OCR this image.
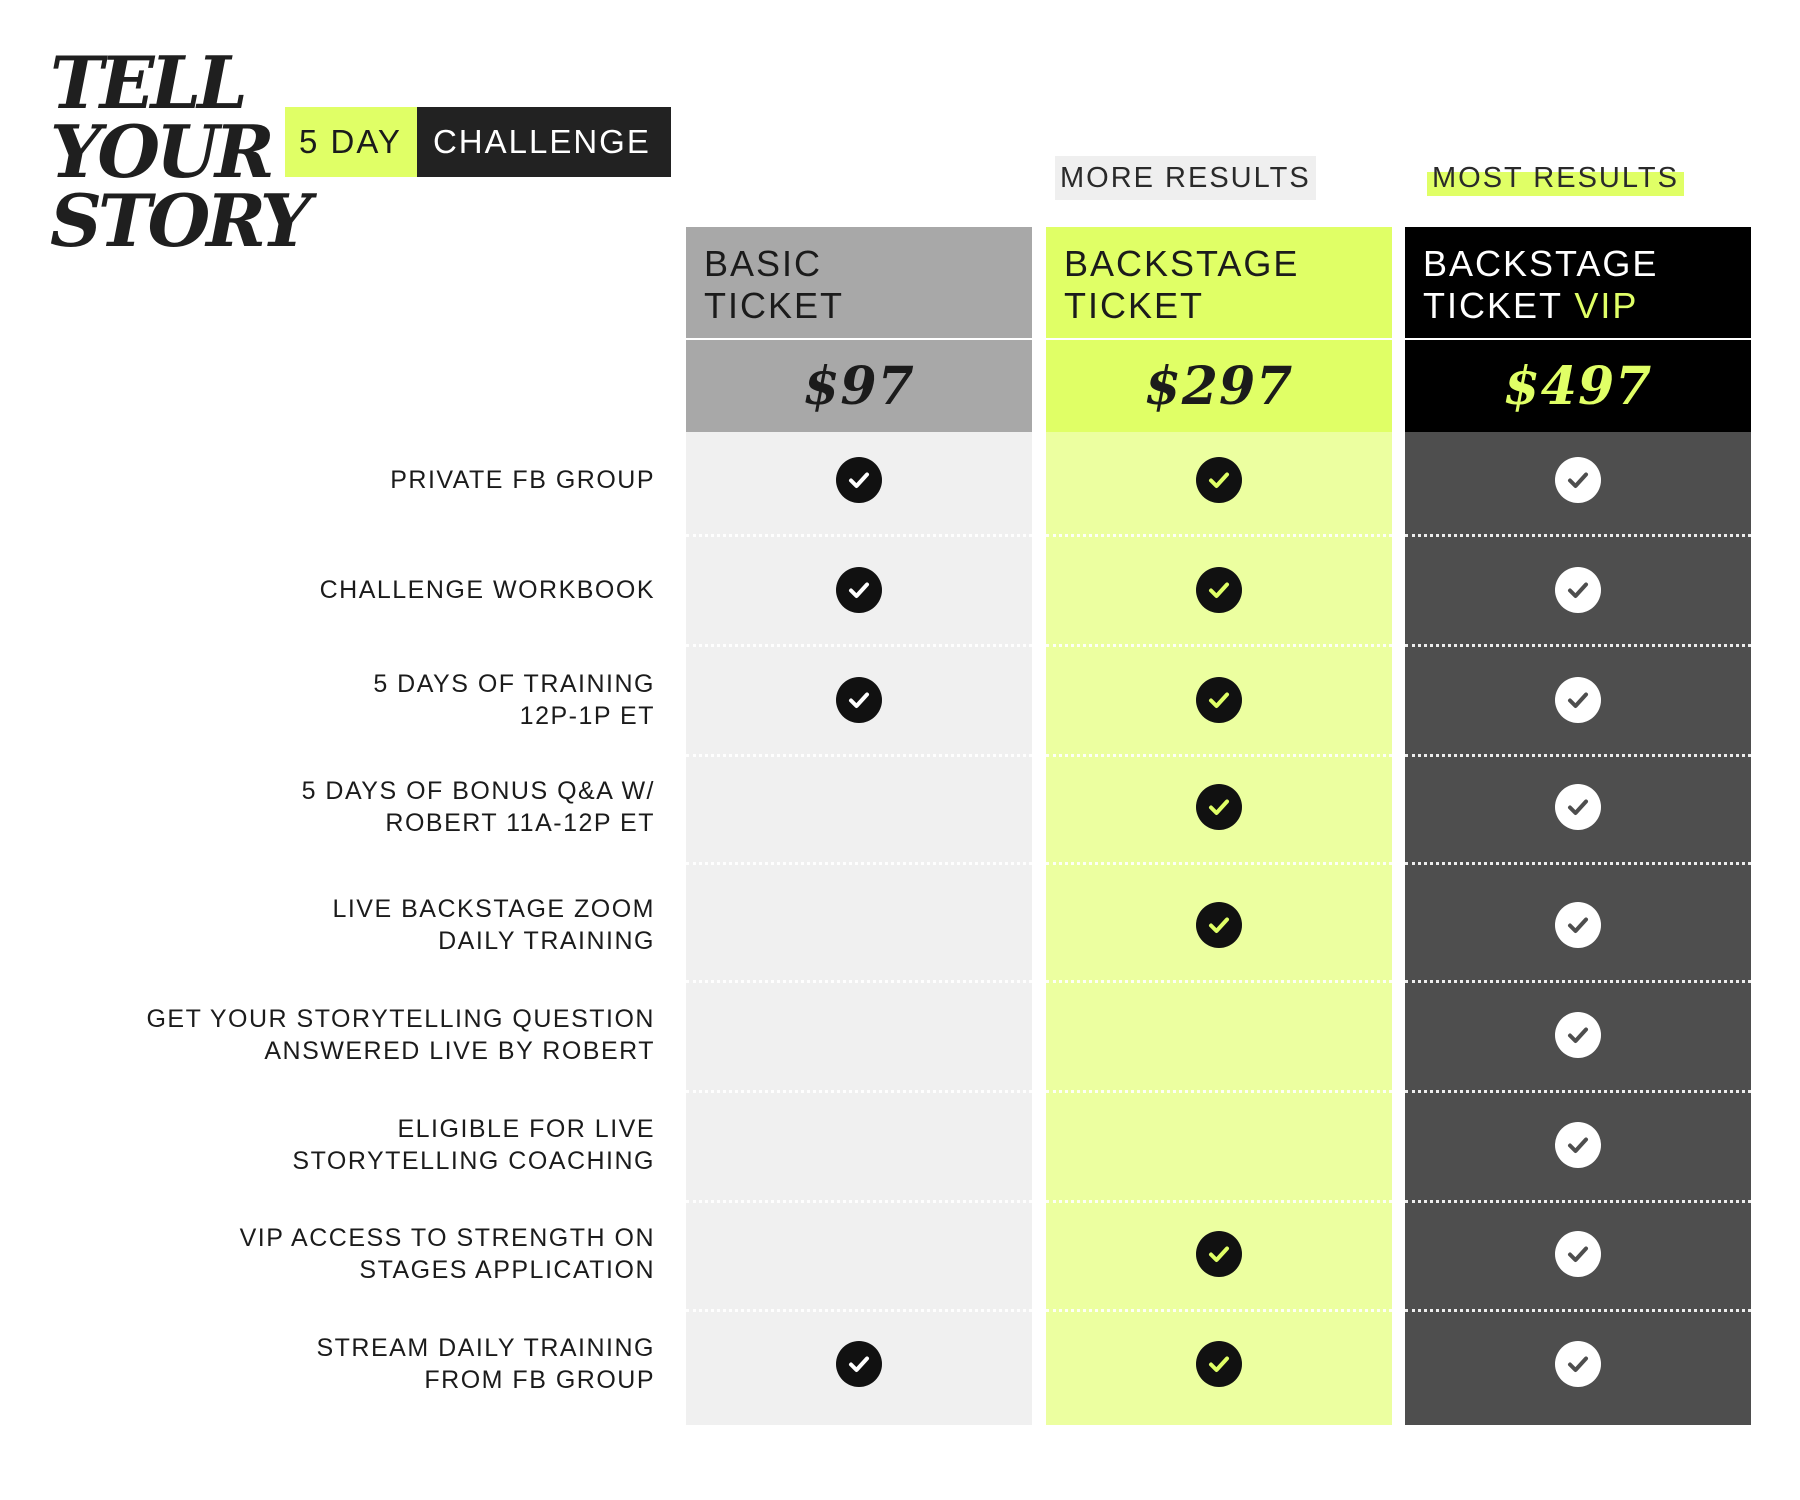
TELL
YOUR
STORY
5 DAY CHALLENGE
MORE RESULTS	MOST RESULTS
BASIC
TICKET
$97
BACKSTAGE
TICKET
$297
BACKSTAGE
TICKET VIP
$497
PRIVATE FB GROUP
CHALLENGE WORKBOOK
5 DAYS OF TRAINING
12P-1P ET
5 DAYS OF BONUS Q&A W/
ROBERT 11A-12P ET
LIVE BACKSTAGE ZOOM
DAILY TRAINING
GET YOUR STORYTELLING QUESTION
ANSWERED LIVE BY ROBERT
ELIGIBLE FOR LIVE
STORYTELLING COACHING
VIP ACCESS TO STRENGTH ON
STAGES APPLICATION
STREAM DAILY TRAINING
FROM FB GROUP
